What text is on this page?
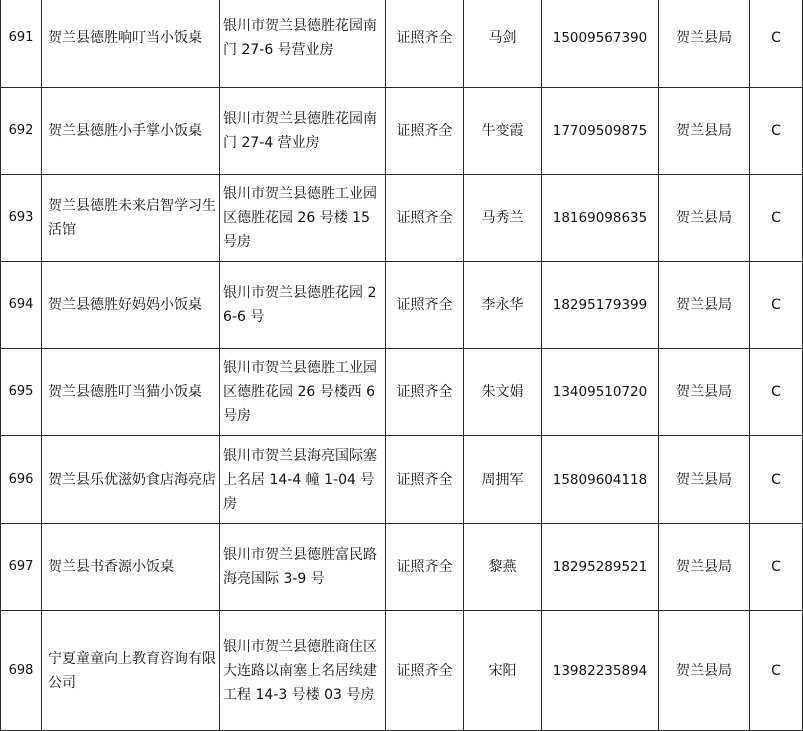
691	贺兰县德胜响叮当小饭桌	银川市贺兰县德胜花园南门 27-6 号营业房	证照齐全	马剑	15009567390	贺兰县局	C
692	贺兰县德胜小手掌小饭桌	银川市贺兰县德胜花园南门 27-4 营业房	证照齐全	牛变霞	17709509875	贺兰县局	C
693	贺兰县德胜未来启智学习生活馆	银川市贺兰县德胜工业园区德胜花园 26 号楼 15 号房	证照齐全	马秀兰	18169098635	贺兰县局	C
694	贺兰县德胜好妈妈小饭桌	银川市贺兰县德胜花园 26-6 号	证照齐全	李永华	18295179399	贺兰县局	C
695	贺兰县德胜叮当猫小饭桌	银川市贺兰县德胜工业园区德胜花园 26 号楼西 6 号房	证照齐全	朱文娟	13409510720	贺兰县局	C
696	贺兰县乐优滋奶食店海亮店	银川市贺兰县海亮国际塞上名居 14-4 幢 1-04 号房	证照齐全	周拥军	15809604118	贺兰县局	C
697	贺兰县书香源小饭桌	银川市贺兰县德胜富民路海亮国际 3-9 号	证照齐全	黎燕	18295289521	贺兰县局	C
698	宁夏童童向上教育咨询有限公司	银川市贺兰县德胜商住区大连路以南塞上名居续建工程 14-3 号楼 03 号房	证照齐全	宋阳	13982235894	贺兰县局	C
